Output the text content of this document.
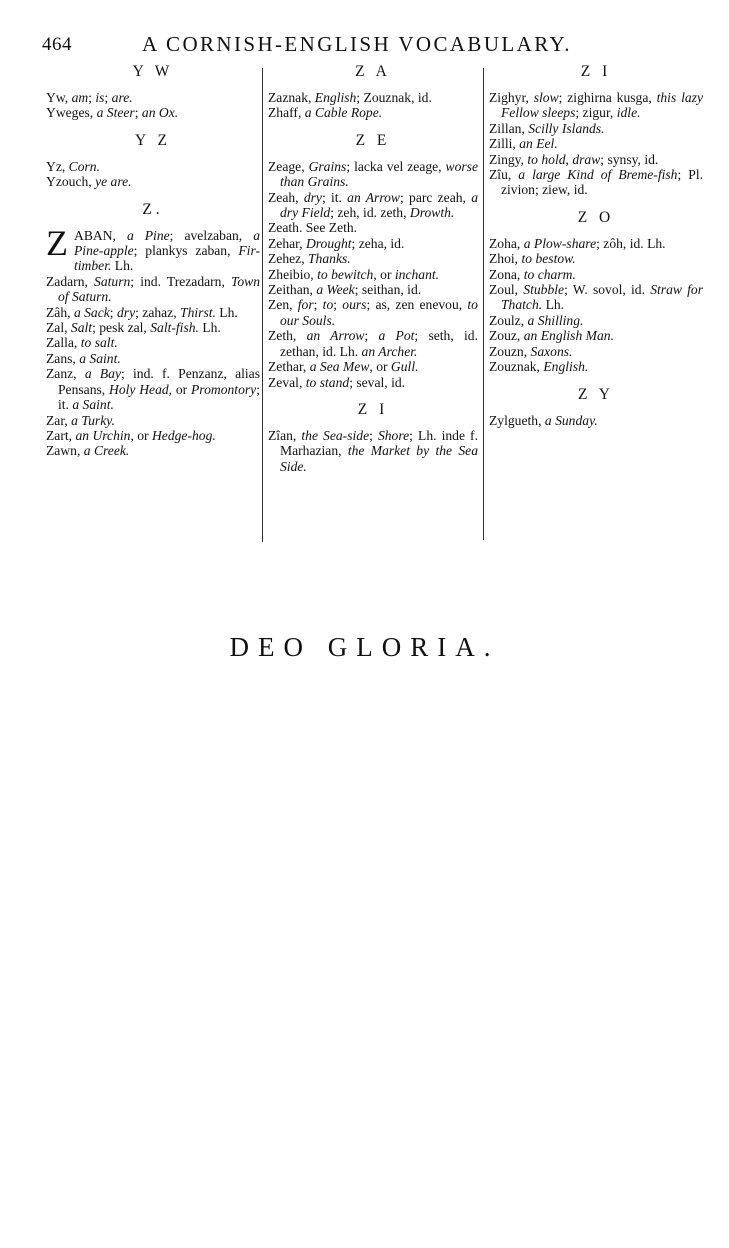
464	A CORNISH-ENGLISH VOCABULARY.
Y W

Yw, am; is; are.

Yweges, a Steer; an Ox.

Y Z

Yz, Corn.

Yzouch, ye are.

Z.

Z ABAN, a Pine; avelzaban, a Pine-apple; plankys zaban, Fir-timber. Lh.

Zadarn, Saturn; ind. Trezadarn, Town of Saturn.

Zâh, a Sack; dry; zahaz, Thirst. Lh.

Zal, Salt; pesk zal, Salt-fish. Lh.

Zalla, to salt.

Zans, a Saint.

Zanz, a Bay; ind. f. Penzanz, alias Pensans, Holy Head, or Promontory; it. a Saint.

Zar, a Turky.

Zart, an Urchin, or Hedge-hog.

Zawn, a Creek.

Z A

Zaznak, English; Zouznak, id.

Zhaff, a Cable Rope.

Z E

Zeage, Grains; lacka vel zeage, worse than Grains.

Zeah, dry; it. an Arrow; parc zeah, a dry Field; zeh, id. zeth, Drowth.

Zeath. See Zeth.

Zehar, Drought; zeha, id.

Zehez, Thanks.

Zheibio, to bewitch, or inchant.

Zeithan, a Week; seithan, id.

Zen, for; to; ours; as, zen enevou, to our Souls.

Zeth, an Arrow; a Pot; seth, id. zethan, id. Lh. an Archer.

Zethar, a Sea Mew, or Gull.

Zeval, to stand; seval, id.

Z I

Zîan, the Sea-side; Shore; Lh. inde f. Marhazian, the Market by the Sea Side.

Z I

Zighyr, slow; zighirna kusga, this lazy Fellow sleeps; zigur, idle.

Zillan, Scilly Islands.

Zilli, an Eel.

Zingy, to hold, draw; synsy, id.

Zîu, a large Kind of Breme-fish; Pl. zivion; ziew, id.

Z O

Zoha, a Plow-share; zôh, id. Lh.

Zhoi, to bestow.

Zona, to charm.

Zoul, Stubble; W. sovol, id. Straw for Thatch. Lh.

Zoulz, a Shilling.

Zouz, an English Man.

Zouzn, Saxons.

Zouznak, English.

Z Y

Zylgueth, a Sunday.

DEO GLORIA.
